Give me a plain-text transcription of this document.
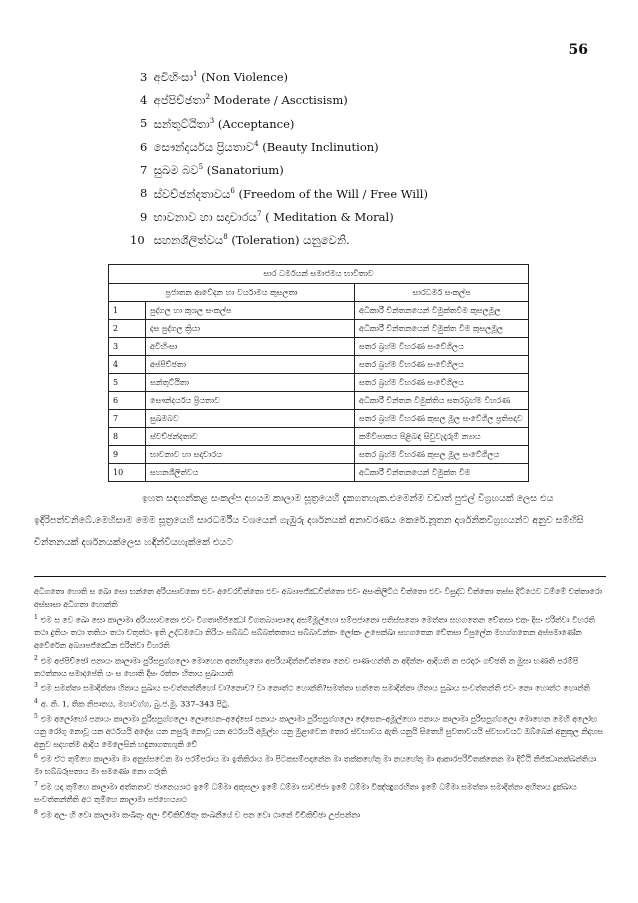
56
3 අවිහිංසා$^1$ (Non Violence)
4 අප්පිච්ඡතා$^2$ Moderate / Ascctisism)
5 සන්තුට්ඨිතා$^3$ (Acceptance)
6 සෞන්දර්යය ප්‍රියතාව$^4$ (Beauty Inclinution)
7 සුඛම බව$^5$ (Sanatorium)
8 ස්වච්ඡන්දතාවය$^6$ (Freedom of the Will / Free Will)
9 භාවනාව හා සදාචාරය$^7$ ( Meditation & Moral)
10 සහනශීලිත්වය$^8$ (Toleration) යනුවෙනි.
සාර ධර්මයන් සමාජමය භාවිතාව		
ප්‍රජාතන ආවේදන හා වර්යාමය කුසලතා		සාරධර්ම සංකල්ප
1	පුද්ගල හා කුශල සංකල්ප	අධිකාරී චින්තනයෙන් විමුක්තවීම කුසලමූල
2	දස පුද්ගල ක්‍රියා	අධිකාරී චින්තනයෙන් විමුක්ත වීම කුසලමූල
3	අවිහිංසා	සතර බ්‍රහ්ම විහරණ සංවේගිලය
4	අප්පිච්ඡතා	සතර බ්‍රහ්ම විහරණ සංවේගිලය
5	සන්තුට්ඨිතා	සතර බ්‍රහ්ම විහරණ සංවේගිලය
6	සෞන්දර්යය ප්‍රියතාව	අධිකාරී චින්තන විමුක්තිය සතරබ්‍රහ්ම විහරණ
7	සුඛමබව	සතර බ්‍රහ්ම විහරණ කුසල මූල සංවේගිල ප්‍රතිපදාව
8	ස්වච්ඡන්දතාව	කම්විපාකය පිළිබඳ සිවුවැදෑරුම් න්‍යාය
9	භාවනාව හා සදාචාරය	සතර බ්‍රහ්ම විහරණ කුසල මූල සංවේගිලය
10	සහනශීලිත්වය	අධිකාරී චින්තනයෙන් විමුක්ත වීම

ඉහත සඳහන්කළ සංකල්ප දහයම කාලාම සූත්‍රයෙහි දැකගතහැක.එමෙන්ම වඩාත් පුළුල් විග්‍රහයක් ලෙස එය ඉදිරිපත්වනිබේ.මෙහිසාම මෙම සූත්‍රයෙහි සාරධර්මීය වශයෙන් ගැඹුරු දර්ශනයක් අනාවරණය කෙරේ.නූතන දාර්ශනිකවිග්‍රහයන්ට අනුව සම්භිසි චින්තනයක් දර්ශනයක්ලෙස හඳින්වියහැක්කේ එයට

අධිගතො හොති ස ඛො සො භන්තෙ අරියසාවකො එවං අවෙරචිත්තො එවං අබ්‍යාපජ්ඣචිත්තො එවං අසංකිලිට්ඨ චිත්තො එවං විසුද්ධ චිත්තො තස්ස දිට්ඨෙව ධම්මේ චත්තාරො අස්සාසා අධිගතා හොන්ති

$^1$ එම ස වෙ ඛො සො කාලාමා අරියසාවකො එවං විගතාභිජ්ඣෝ විගතබ්‍යාපාදො අසම්මූල්හො සම්පජානො පතිස්සතො මෙත්තා සහගතෙන චේතසා එකං දිසං ඵරිත්වා විහරති තථා දුතියං තථා තතියං තථා චතුත්ථං ඉති උද්ධමධො තිරියං සබ්බධි සබ්බත්තතාය සබ්බාවන්තං ලෝකං උපෙක්ඛා සහගතෙන චේතසා විපුලේන මහග්ගතෙන අප්පමාණේන අවේරේන අබ්‍යාපජ්ඣේන ඵරිත්වා විහරති

$^2$ එම අප්පිච්ඡෝ පනායං කාලාමා පුරිසපුග්ගලො මොහෙන අනභිභූතො අපරියාදින්නචිත්තො නෙව පාණංහන්ති න අදින්නං ආදියති න පරදාරං ගච්ඡති න මුසා භණති පරම්පි තථත්තාය සමාදපේති යං ස හොති දීඝං රත්තං හිතාය සුඛායාති

$^3$ එම සමත්තා සමාදින්නා හිතාය සුඛාය සංවත්තන්තීහෝ වා?නොච? වා නොත්ථ හොන්ති?සමත්තා භන්තෙ සමාදින්නා හිතාය සුඛාය සංවත්තන්ති එවං නො හොත්ථ හොන්ති

$^4$ අ. නි. 1, තික නිපාතය, මහාවග්ග, බු.ජ.මු. 337–343 පිටු.

$^5$ එම අලෝභෝ පනායං කාලාමා පුරිසපුග්ගලො ලොභෙන–අදෝසෝ පනායං කාලාමා පුරිසපුග්ගලො දෝසෙන–අමූල්හො පනායං කාලාමා පුරිසපුග්ගලො මොහෙන මෙහි අලෝභ යනු රෝගු නොවූ යන අර්ථයයි අදෝස යන නපුරු නොවූ යන අර්ථයයි අමූල්හ යනු මුළාවෙන තොර ස්වභාවය ඇති යනුයි සිතෙහි සුවතාවයයි ස්වභාවයට ඔබ්බෙන් අනුකූල නිදහස අනුව සදහත්ම ආදිය මෙලෙසින් හඳුනාගතහැකි වේ

$^6$ එම ඒථ තුම්හෙ කාලාමා මා අනුස්සවෙන මා පරම්පරාය මා ඉතිකිරාය මා පිටකසම්පදානේන මා තක්කහේතු මා නයහේතු මා ආකාරපරිවිතක්කෙන මා දිට්ඨි නිජ්ඣානක්ඛන්තියා මා භබ්බරූපතාය මා සමණො නො ගරූති

$^7$ එම යදා තුම්හෙ කාලාමා අත්තනාව ජානෙය්‍යාථ ඉමේ ධම්මා අකුසලා ඉමේ ධම්මා සාවජ්ජා ඉමේ ධම්මා විඤ්ඤුගරහිතා ඉමේ ධම්මා සමත්තා සමාදින්නා අහිතාය දුක්ඛාය සංවත්තන්තීති අථ තුම්හෙ කාලාමා පජහෙය්‍යාථ

$^8$ එම අලං හි වො කාලාමා කංඛිතුං අලං විචිකිච්ඡිතුං කංඛනීයේ ච පන වො ඨානේ විචිකිච්ඡා උප්පන්නා
